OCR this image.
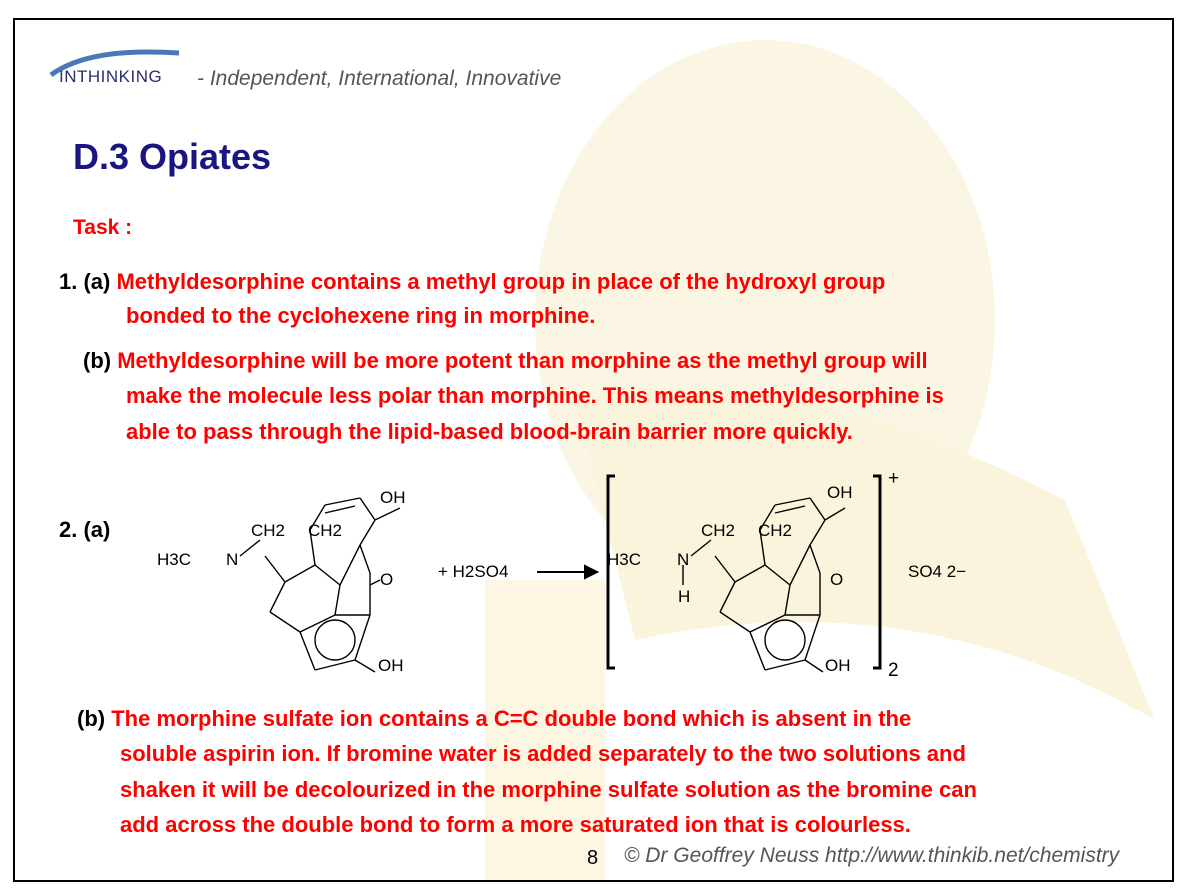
INTHINKING - Independent, International, Innovative
D.3 Opiates
Task :
1. (a) Methyldesorphine contains a methyl group in place of the hydroxyl group
bonded to the cyclohexene ring in morphine.
(b) Methyldesorphine will be more potent than morphine as the methyl group will
make the molecule less polar than morphine. This means methyldesorphine is
able to pass through the lipid-based blood-brain barrier more quickly.
2. (a)
H3C N
CH2 CH2
OH
O
OH
+ H2SO4
H3C N
H
CH2 CH2
OH
O
OH
+
2
SO4 2−
(b) The morphine sulfate ion contains a C=C double bond which is absent in the
soluble aspirin ion. If bromine water is added separately to the two solutions and
shaken it will be decolourized in the morphine sulfate solution as the bromine can
add across the double bond to form a more saturated ion that is colourless.
8 © Dr Geoffrey Neuss http://www.thinkib.net/chemistry
